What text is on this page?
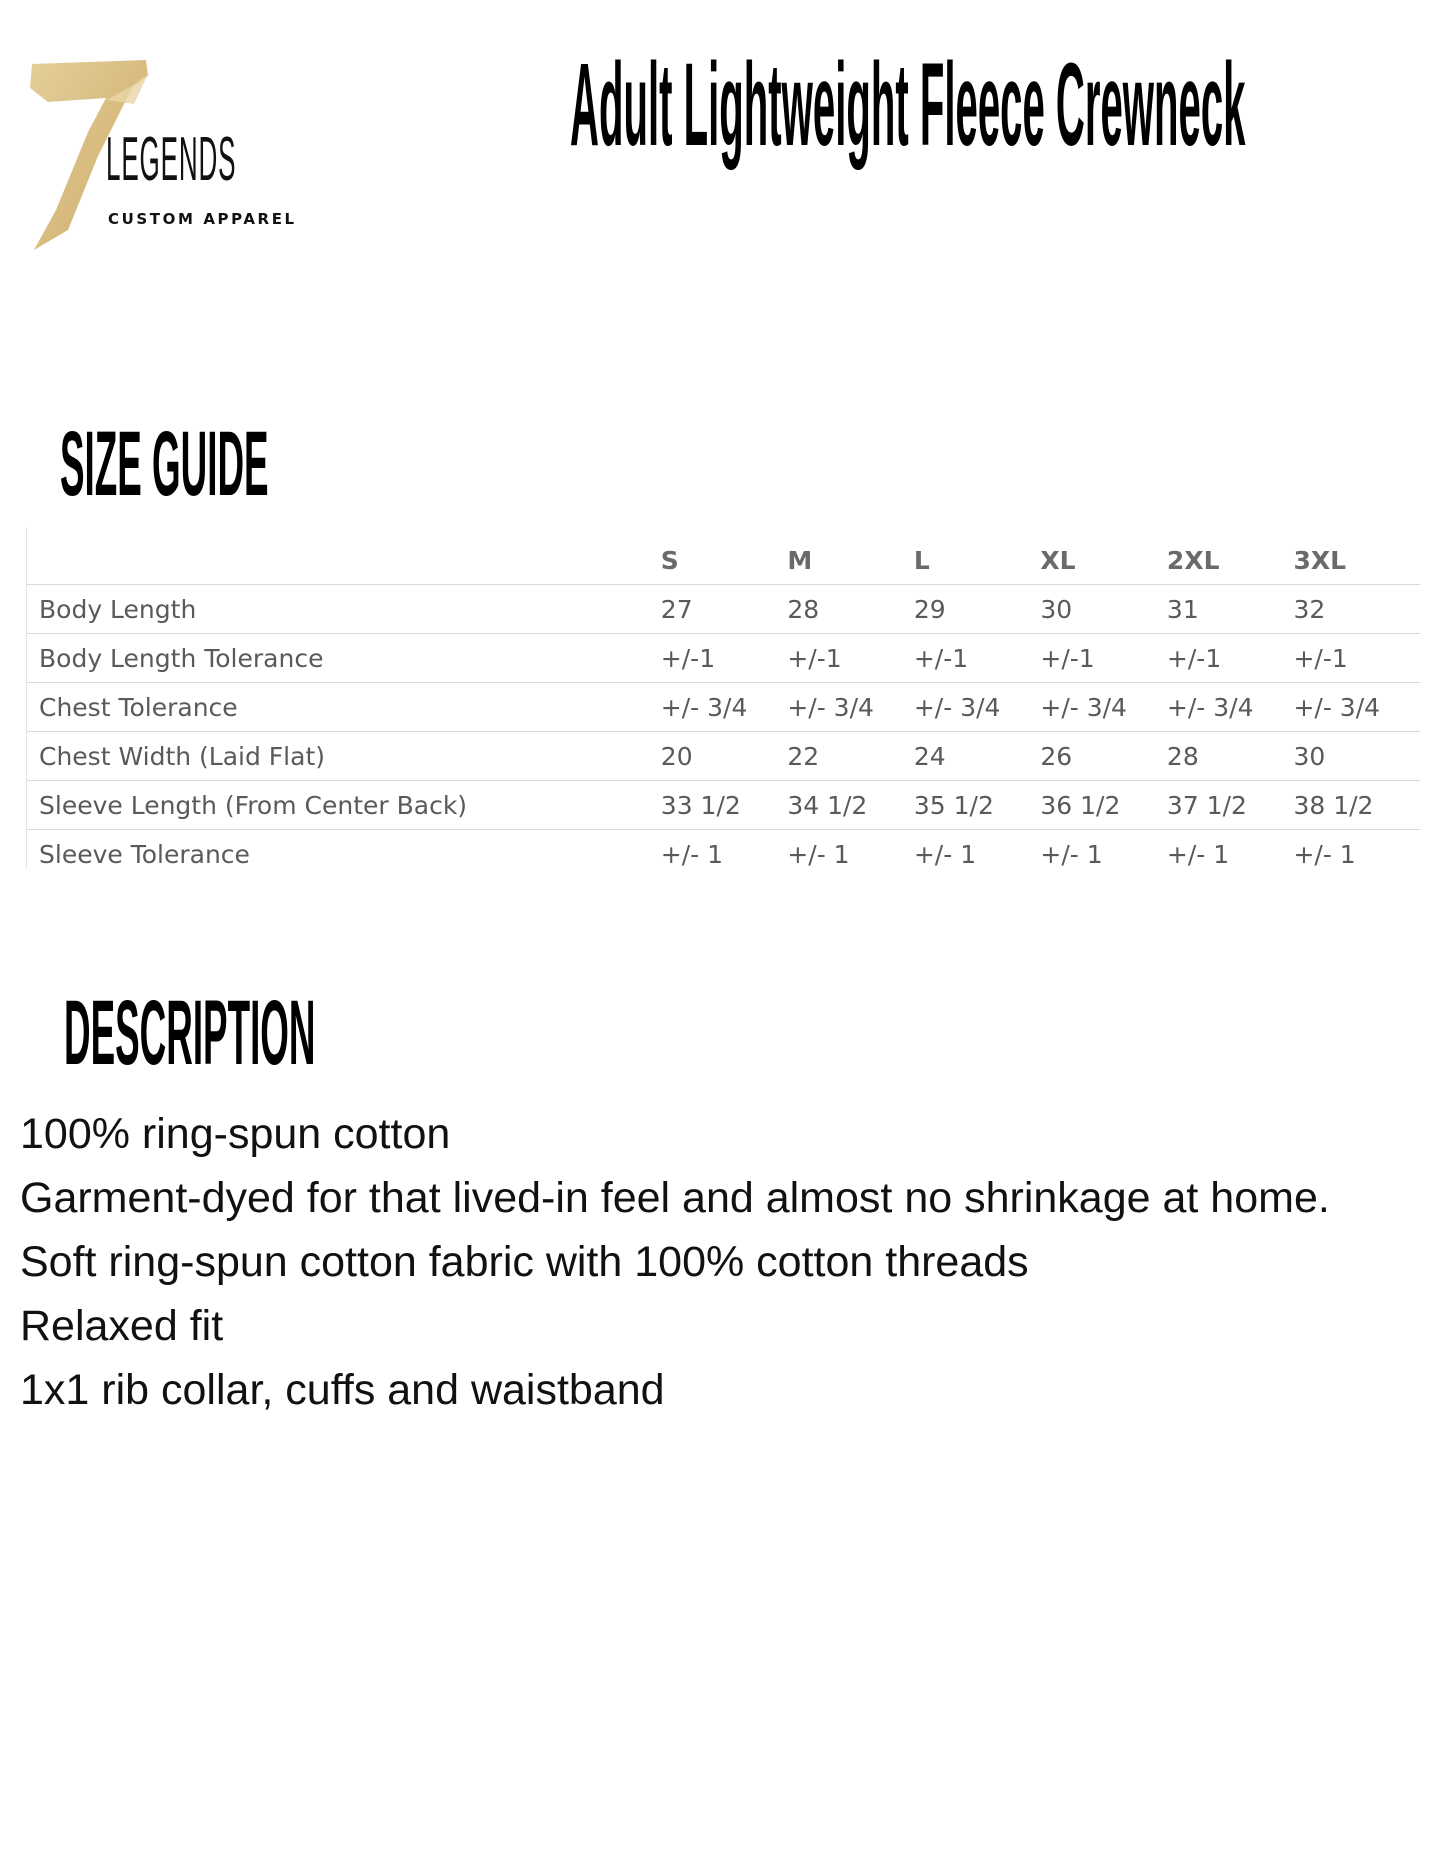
LEGENDS
CUSTOM APPAREL
Adult Lightweight Fleece Crewneck
SIZE GUIDE
	S	M	L	XL	2XL	3XL
Body Length	27	28	29	30	31	32
Body Length Tolerance	+/-1	+/-1	+/-1	+/-1	+/-1	+/-1
Chest Tolerance	+/- 3/4	+/- 3/4	+/- 3/4	+/- 3/4	+/- 3/4	+/- 3/4
Chest Width (Laid Flat)	20	22	24	26	28	30
Sleeve Length (From Center Back)	33 1/2	34 1/2	35 1/2	36 1/2	37 1/2	38 1/2
Sleeve Tolerance	+/- 1	+/- 1	+/- 1	+/- 1	+/- 1	+/- 1
DESCRIPTION
100% ring-spun cotton
Garment-dyed for that lived-in feel and almost no shrinkage at home.
Soft ring-spun cotton fabric with 100% cotton threads
Relaxed fit
1x1 rib collar, cuffs and waistband
